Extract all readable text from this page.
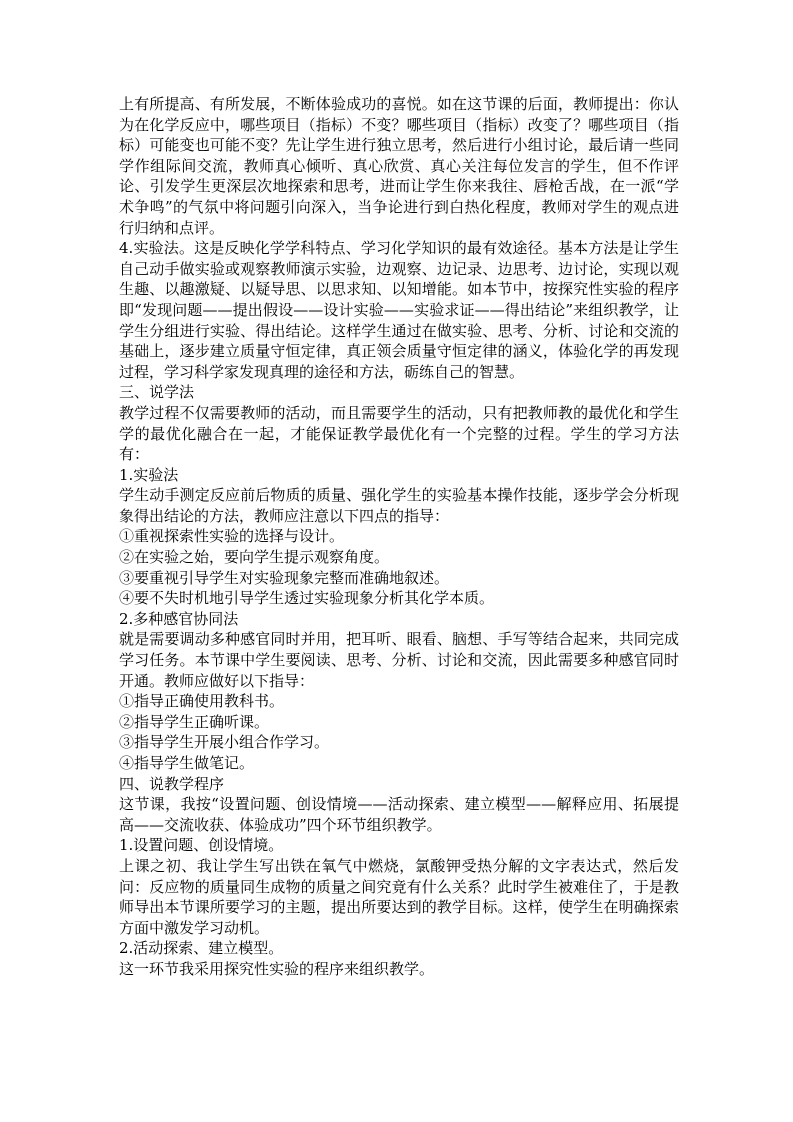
上有所提高、有所发展，不断体验成功的喜悦。如在这节课的后面，教师提出：你认为在化学反应中，哪些项目（指标）不变？哪些项目（指标）改变了？哪些项目（指标）可能变也可能不变？先让学生进行独立思考，然后进行小组讨论，最后请一些同学作组际间交流，教师真心倾听、真心欣赏、真心关注每位发言的学生，但不作评论、引发学生更深层次地探索和思考，进而让学生你来我往、唇枪舌战，在一派“学术争鸣”的气氛中将问题引向深入，当争论进行到白热化程度，教师对学生的观点进行归纳和点评。

4.实验法。这是反映化学学科特点、学习化学知识的最有效途径。基本方法是让学生自己动手做实验或观察教师演示实验，边观察、边记录、边思考、边讨论，实现以观生趣、以趣激疑、以疑导思、以思求知、以知增能。如本节中，按探究性实验的程序即“发现问题——提出假设——设计实验——实验求证——得出结论”来组织教学，让学生分组进行实验、得出结论。这样学生通过在做实验、思考、分析、讨论和交流的基础上，逐步建立质量守恒定律，真正领会质量守恒定律的涵义，体验化学的再发现过程，学习科学家发现真理的途径和方法，砺练自己的智慧。

三、说学法

教学过程不仅需要教师的活动，而且需要学生的活动，只有把教师教的最优化和学生学的最优化融合在一起，才能保证教学最优化有一个完整的过程。学生的学习方法有：

1.实验法

学生动手测定反应前后物质的质量、强化学生的实验基本操作技能，逐步学会分析现象得出结论的方法，教师应注意以下四点的指导：

①重视探索性实验的选择与设计。

②在实验之始，要向学生提示观察角度。

③要重视引导学生对实验现象完整而准确地叙述。

④要不失时机地引导学生透过实验现象分析其化学本质。

2.多种感官协同法

就是需要调动多种感官同时并用，把耳听、眼看、脑想、手写等结合起来，共同完成学习任务。本节课中学生要阅读、思考、分析、讨论和交流，因此需要多种感官同时开通。教师应做好以下指导：

①指导正确使用教科书。

②指导学生正确听课。

③指导学生开展小组合作学习。

④指导学生做笔记。

四、说教学程序

这节课，我按“设置问题、创设情境——活动探索、建立模型——解释应用、拓展提高——交流收获、体验成功”四个环节组织教学。

1.设置问题、创设情境。

上课之初、我让学生写出铁在氧气中燃烧，氯酸钾受热分解的文字表达式，然后发问：反应物的质量同生成物的质量之间究竟有什么关系？此时学生被难住了，于是教师导出本节课所要学习的主题，提出所要达到的教学目标。这样，使学生在明确探索方面中激发学习动机。

2.活动探索、建立模型。

这一环节我采用探究性实验的程序来组织教学。
